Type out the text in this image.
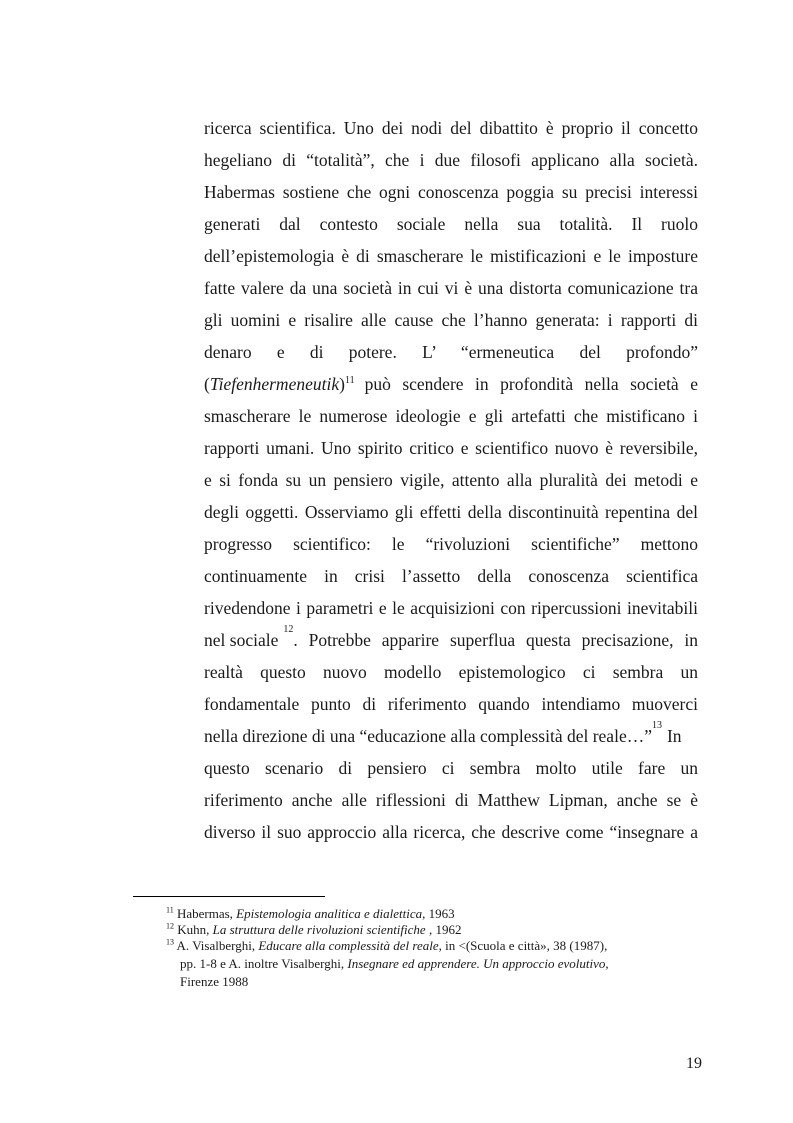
ricerca scientifica. Uno dei nodi del dibattito è proprio il concetto
hegeliano di “totalità”, che i due filosofi applicano alla società.
Habermas sostiene che ogni conoscenza poggia su precisi interessi
generati dal contesto sociale nella sua totalità. Il ruolo
dell’epistemologia è di smascherare le mistificazioni e le imposture
fatte valere da una società in cui vi è una distorta comunicazione tra
gli uomini e risalire alle cause che l’hanno generata: i rapporti di
denaro e di potere. L’ “ermeneutica del profondo”
(Tiefenhermeneutik)$^{11}$ può scendere in profondità nella società e
smascherare le numerose ideologie e gli artefatti che mistificano i
rapporti umani. Uno spirito critico e scientifico nuovo è reversibile,
e si fonda su un pensiero vigile, attento alla pluralità dei metodi e
degli oggetti. Osserviamo gli effetti della discontinuità repentina del
progresso scientifico: le “rivoluzioni scientifiche” mettono
continuamente in crisi l’assetto della conoscenza scientifica
rivedendone i parametri e le acquisizioni con ripercussioni inevitabili
nel sociale
12
. Potrebbe apparire superflua questa precisazione, in
realtà questo nuovo modello epistemologico ci sembra un
fondamentale punto di riferimento quando intendiamo muoverci
nella direzione di una “educazione alla complessità del reale…”
13
In
questo scenario di pensiero ci sembra molto utile fare un
riferimento anche alle riflessioni di Matthew Lipman, anche se è
diverso il suo approccio alla ricerca, che descrive come “insegnare a
$^{11}$ Habermas, Epistemologia analitica e dialettica, 1963
$^{12}$ Kuhn, La struttura delle rivoluzioni scientifiche , 1962
$^{13}$ A. Visalberghi, Educare alla complessità del reale, in <(Scuola e città», 38 (1987),
pp. 1-8 e A. inoltre Visalberghi, Insegnare ed apprendere. Un approccio evolutivo,
Firenze 1988
19
